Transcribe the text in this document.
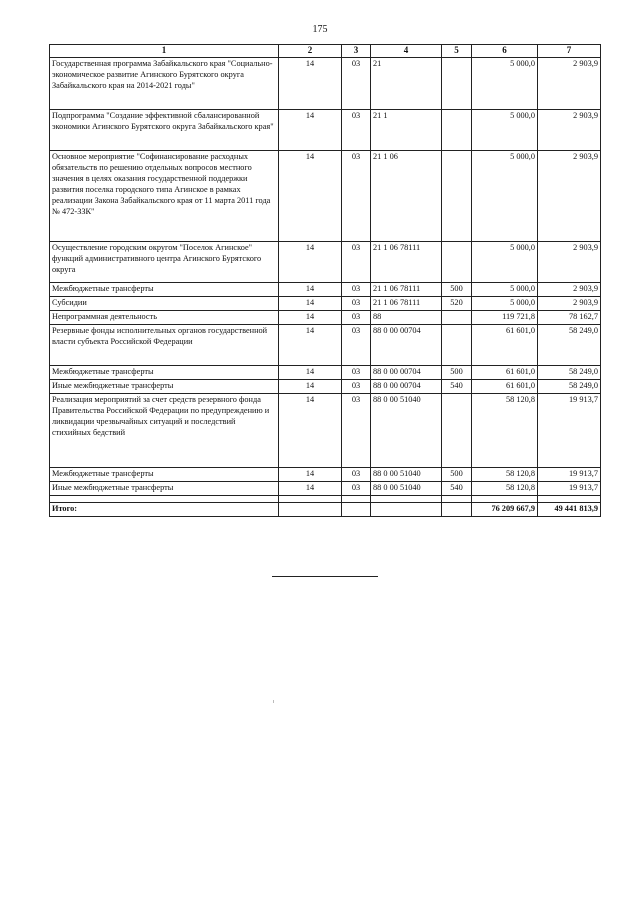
175
1	2	3	4	5	6	7
Государственная программа Забайкальского края "Социально-экономическое развитие Агинского Бурятского округа Забайкальского края на 2014-2021 годы"	14	03	21		5 000,0	2 903,9
Подпрограмма "Создание эффективной сбалансированной экономики Агинского Бурятского округа Забайкальского края"	14	03	21 1		5 000,0	2 903,9
Основное мероприятие "Софинансирование расходных обязательств по решению отдельных вопросов местного значения в целях оказания государственной поддержки развития поселка городского типа Агинское в рамках реализации Закона Забайкальского края от 11 марта 2011 года № 472-ЗЗК"	14	03	21 1 06		5 000,0	2 903,9
Осуществление городским округом "Поселок Агинское" функций административного центра Агинского Бурятского округа	14	03	21 1 06 78111		5 000,0	2 903,9
Межбюджетные трансферты	14	03	21 1 06 78111	500	5 000,0	2 903,9
Субсидии	14	03	21 1 06 78111	520	5 000,0	2 903,9
Непрограммная деятельность	14	03	88		119 721,8	78 162,7
Резервные фонды исполнительных органов государственной власти субъекта Российской Федерации	14	03	88 0 00 00704		61 601,0	58 249,0
Межбюджетные трансферты	14	03	88 0 00 00704	500	61 601,0	58 249,0
Иные межбюджетные трансферты	14	03	88 0 00 00704	540	61 601,0	58 249,0
Реализация мероприятий за счет средств резервного фонда Правительства Российской Федерации по предупреждению и ликвидации чрезвычайных ситуаций и последствий стихийных бедствий	14	03	88 0 00 51040		58 120,8	19 913,7
Межбюджетные трансферты	14	03	88 0 00 51040	500	58 120,8	19 913,7
Иные межбюджетные трансферты	14	03	88 0 00 51040	540	58 120,8	19 913,7

Итого:					76 209 667,9	49 441 813,9
